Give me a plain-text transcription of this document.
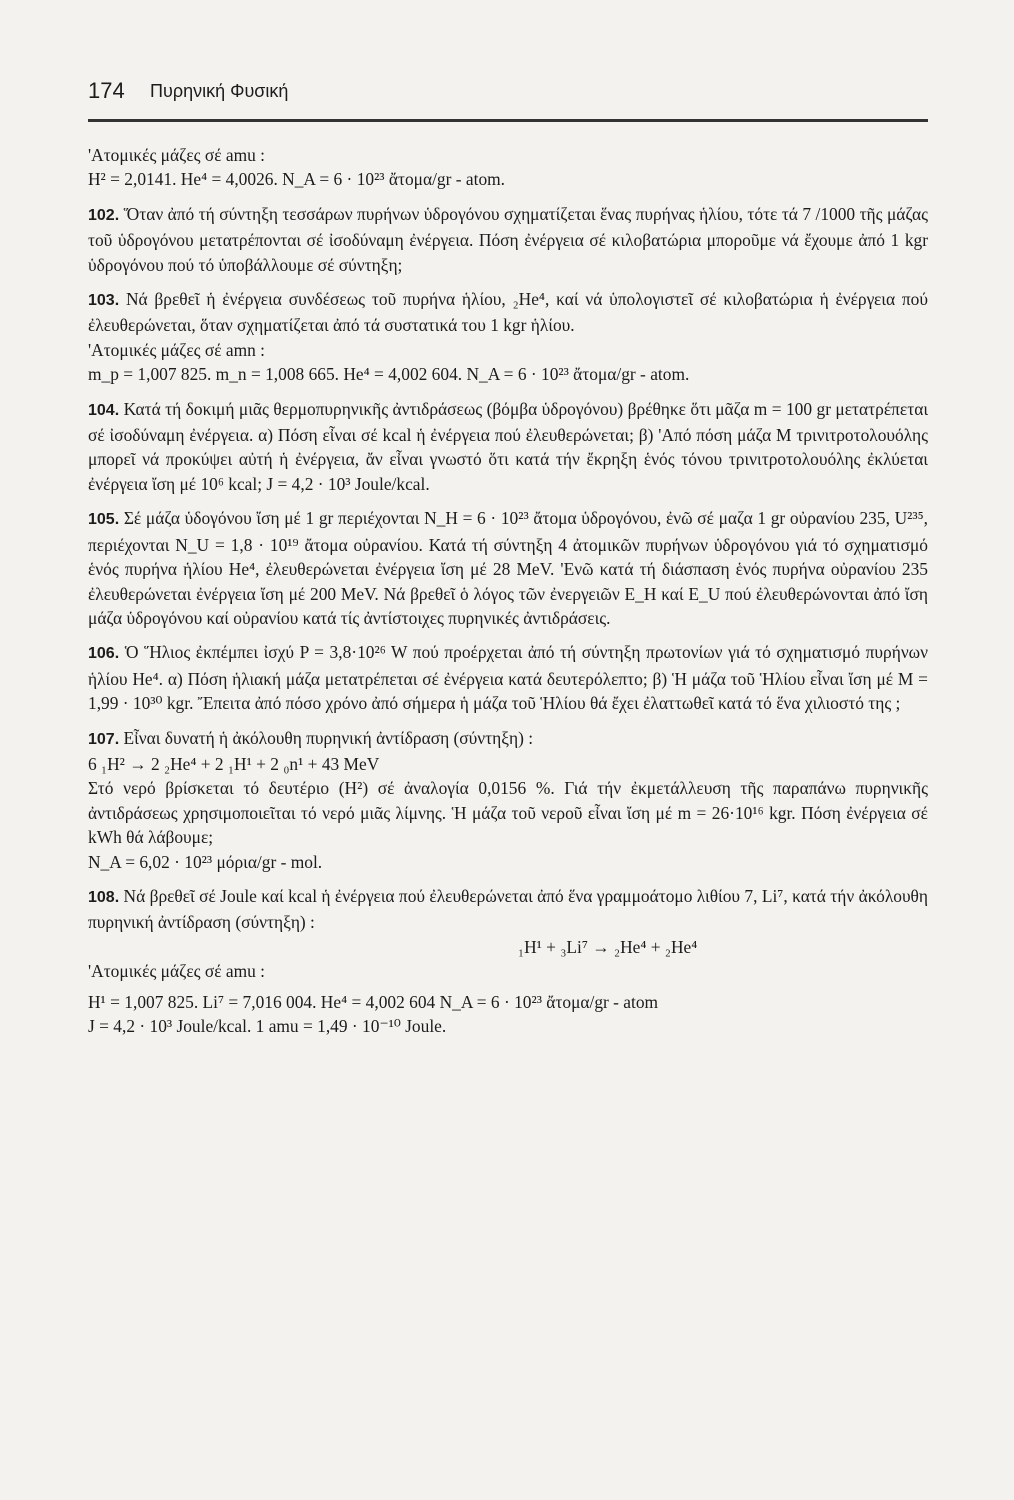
174 Πυρηνική Φυσική

'Ατομικές μάζες σέ amu :

H² = 2,0141. He⁴ = 4,0026. N_A = 6 · 10²³ ἄτομα/gr - atom.

102. Ὅταν ἀπό τή σύντηξη τεσσάρων πυρήνων ὑδρογόνου σχηματίζεται ἕνας πυρήνας ἡλίου, τότε τά 7 /1000 τῆς μάζας τοῦ ὑδρογόνου μετατρέπονται σέ ἰσοδύναμη ἐνέργεια. Πόση ἐνέργεια σέ κιλοβατώρια μποροῦμε νά ἔχουμε ἀπό 1 kgr ὑδρογόνου πού τό ὑποβάλλουμε σέ σύντηξη;

103. Νά βρεθεῖ ἡ ἐνέργεια συνδέσεως τοῦ πυρήνα ἡλίου, ₂He⁴, καί νά ὑπολογιστεῖ σέ κιλοβατώρια ἡ ἐνέργεια πού ἐλευθερώνεται, ὅταν σχηματίζεται ἀπό τά συστατικά του 1 kgr ἡλίου.

'Ατομικές μάζες σέ amn :

m_p = 1,007 825. m_n = 1,008 665. He⁴ = 4,002 604. N_A = 6 · 10²³ ἄτομα/gr - atom.

104. Κατά τή δοκιμή μιᾶς θερμοπυρηνικῆς ἀντιδράσεως (βόμβα ὑδρογόνου) βρέθηκε ὅτι μᾶζα m = 100 gr μετατρέπεται σέ ἰσοδύναμη ἐνέργεια. α) Πόση εἶναι σέ kcal ἡ ἐνέργεια πού ἐλευθερώνεται; β) 'Από πόση μάζα Μ τρινιτροτολουόλης μπορεῖ νά προκύψει αὐτή ἡ ἐνέργεια, ἄν εἶναι γνωστό ὅτι κατά τήν ἔκρηξη ἑνός τόνου τρινιτροτολουόλης ἐκλύεται ἐνέργεια ἴση μέ 10⁶ kcal; J = 4,2 · 10³ Joule/kcal.

105. Σέ μάζα ὑδογόνου ἴση μέ 1 gr περιέχονται N_H = 6 · 10²³ ἄτομα ὑδρογόνου, ἐνῶ σέ μαζα 1 gr οὐρανίου 235, U²³⁵, περιέχονται N_U = 1,8 · 10¹⁹ ἄτομα οὐρανίου. Κατά τή σύντηξη 4 ἀτομικῶν πυρήνων ὑδρογόνου γιά τό σχηματισμό ἑνός πυρήνα ἡλίου He⁴, ἐλευθερώνεται ἐνέργεια ἴση μέ 28 MeV. 'Ενῶ κατά τή διάσπαση ἑνός πυρήνα οὐρανίου 235 ἐλευθερώνεται ἐνέργεια ἴση μέ 200 MeV. Νά βρεθεῖ ὁ λόγος τῶν ἐνεργειῶν E_H καί E_U πού ἐλευθερώνονται ἀπό ἴση μάζα ὑδρογόνου καί οὐρανίου κατά τίς ἀντίστοιχες πυρηνικές ἀντιδράσεις.

106. Ὁ Ἥλιος ἐκπέμπει ἰσχύ P = 3,8·10²⁶ W πού προέρχεται ἀπό τή σύντηξη πρωτονίων γιά τό σχηματισμό πυρήνων ἡλίου He⁴. α) Πόση ἡλιακή μάζα μετατρέπεται σέ ἐνέργεια κατά δευτερόλεπτο; β) Ἡ μάζα τοῦ Ἡλίου εἶναι ἴση μέ M = 1,99 · 10³⁰ kgr. Ἔπειτα ἀπό πόσο χρόνο ἀπό σήμερα ἡ μάζα τοῦ Ἡλίου θά ἔχει ἐλαττωθεῖ κατά τό ἕνα χιλιοστό της ;

107. Εἶναι δυνατή ἡ ἀκόλουθη πυρηνική ἀντίδραση (σύντηξη) :

6 ₁H² → 2 ₂He⁴ + 2 ₁H¹ + 2 ₀n¹ + 43 MeV

Στό νερό βρίσκεται τό δευτέριο (H²) σέ ἀναλογία 0,0156 %. Γιά τήν ἐκμετάλλευση τῆς παραπάνω πυρηνικῆς ἀντιδράσεως χρησιμοποιεῖται τό νερό μιᾶς λίμνης. Ἡ μάζα τοῦ νεροῦ εἶναι ἴση μέ m = 26·10¹⁶ kgr. Πόση ἐνέργεια σέ kWh θά λάβουμε;

N_A = 6,02 · 10²³ μόρια/gr - mol.

108. Νά βρεθεῖ σέ Joule καί kcal ἡ ἐνέργεια πού ἐλευθερώνεται ἀπό ἕνα γραμμοάτομο λιθίου 7, Li⁷, κατά τήν ἀκόλουθη πυρηνική ἀντίδραση (σύντηξη) :

₁H¹ + ₃Li⁷ → ₂He⁴ + ₂He⁴

'Ατομικές μάζες σέ amu :

H¹ = 1,007 825. Li⁷ = 7,016 004. He⁴ = 4,002 604 N_A = 6 · 10²³ ἄτομα/gr - atom

J = 4,2 · 10³ Joule/kcal. 1 amu = 1,49 · 10⁻¹⁰ Joule.
